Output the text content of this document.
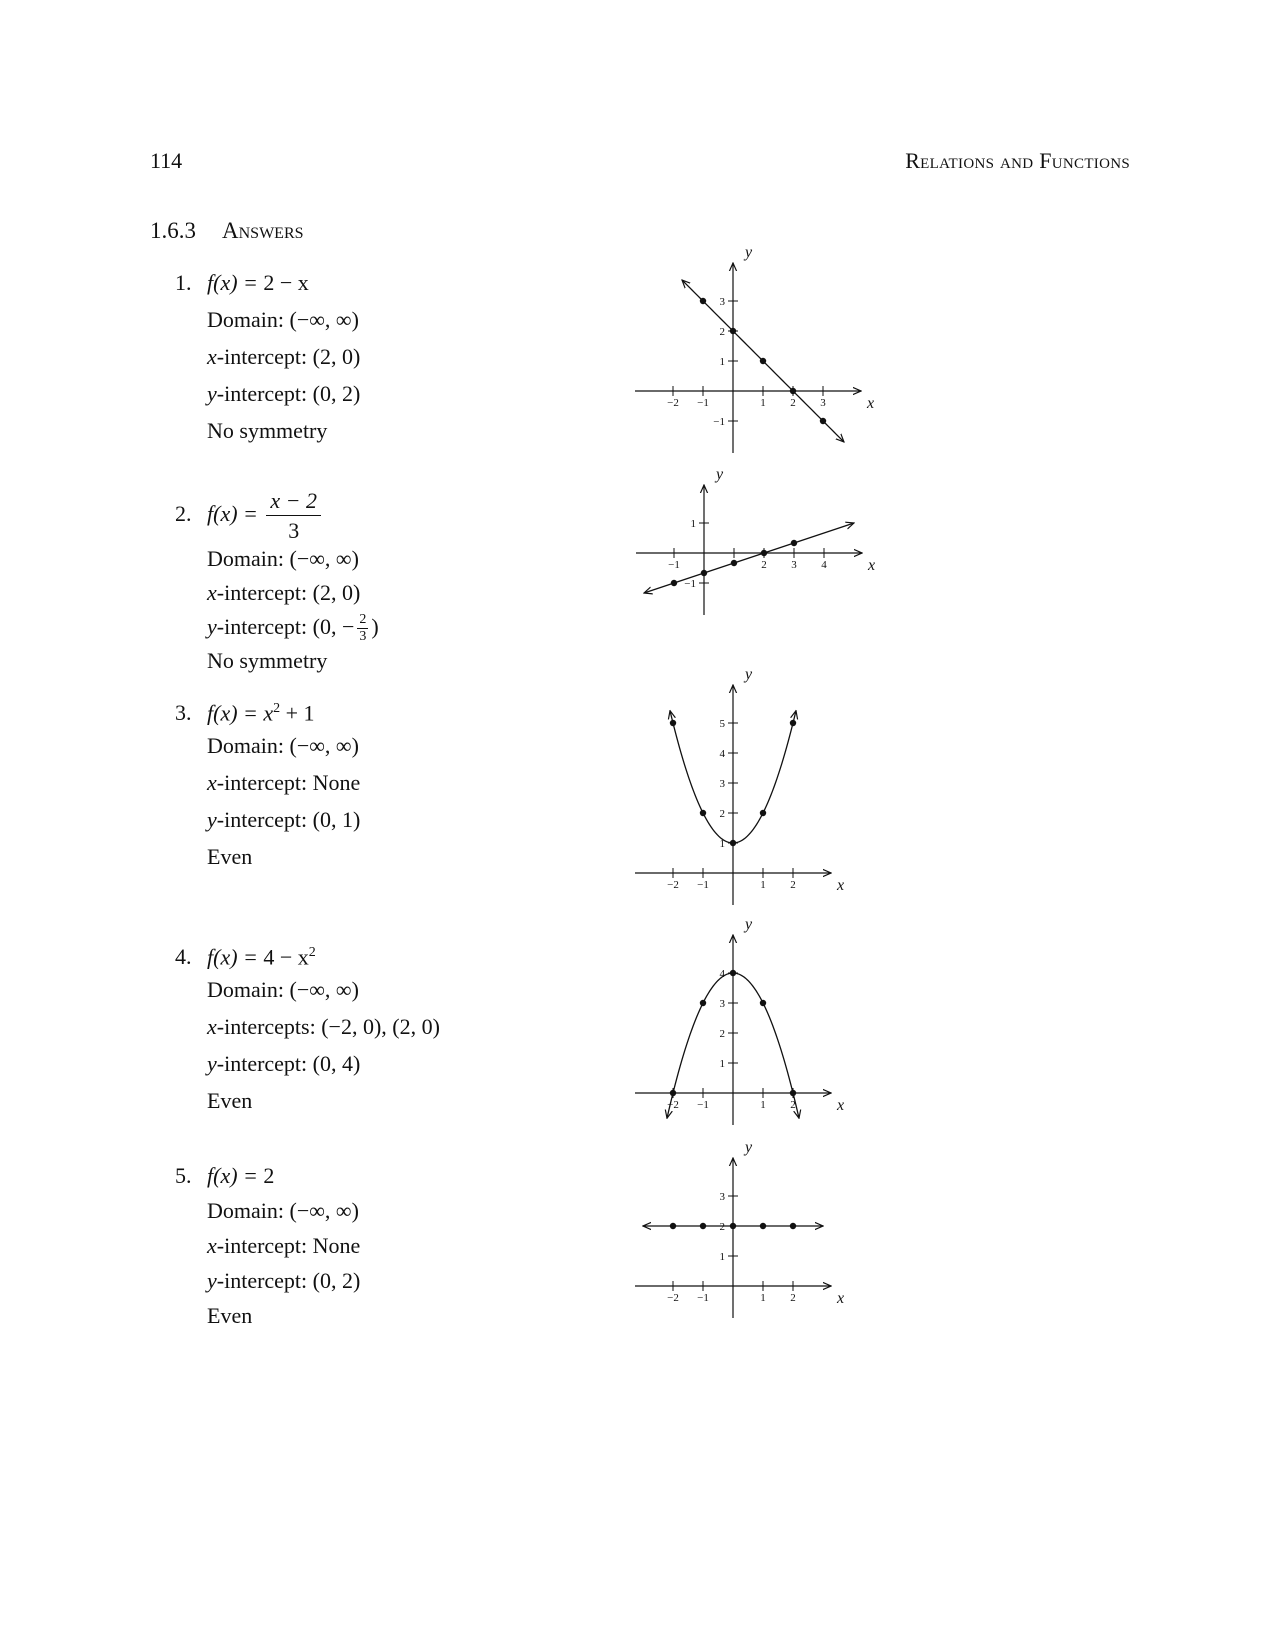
114	Relations and Functions
1.6.3 Answers
1. f(x) = 2 − x
Domain: (−∞, ∞)
x-intercept: (2, 0)
y-intercept: (0, 2)
No symmetry
2. $f(x) = \frac{x - 2}{3}$
Domain: (−∞, ∞)
x-intercept: (2, 0)
y-intercept: (0, − $\frac{2}{3}$ )
No symmetry
3. $f(x) = x^2 + 1$
Domain: (−∞, ∞)
x-intercept: None
y-intercept: (0, 1)
Even
4. $f(x) = 4 - x^2$
Domain: (−∞, ∞)
x-intercepts: (−2, 0), (2, 0)
y-intercept: (0, 4)
Even
5. f(x) = 2
Domain: (−∞, ∞)
x-intercept: None
y-intercept: (0, 2)
Even
−2 −1	1 2 3
−1
1
2
3
x
y
−1	2 3 4
−1
1
x
y
−2 −1	1 2
1
2
3
4
5
x
y
−2 −1	1 2
1
2
3
4
x
y
−2 −1	1 2
1
2
3
x
y
